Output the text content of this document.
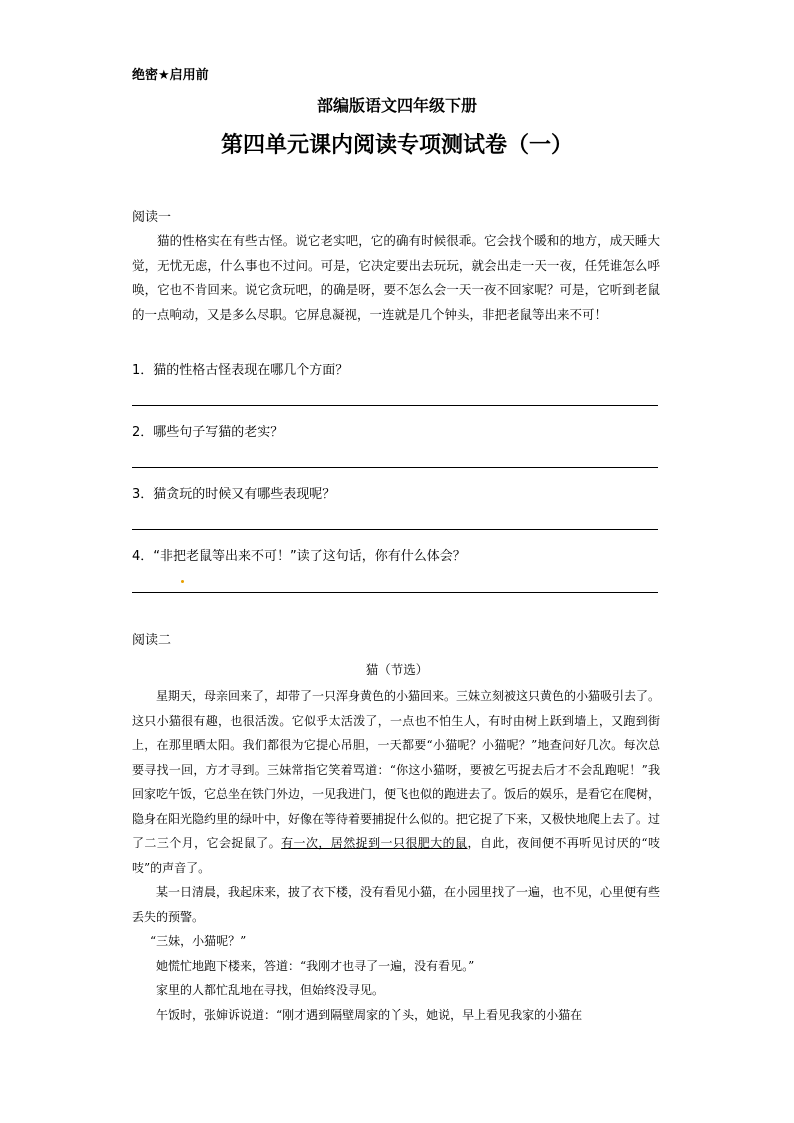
绝密★启用前
部编版语文四年级下册
第四单元课内阅读专项测试卷（一）
阅读一

猫的性格实在有些古怪。说它老实吧，它的确有时候很乖。它会找个暖和的地方，成天睡大觉，无忧无虑，什么事也不过问。可是，它决定要出去玩玩，就会出走一天一夜，任凭谁怎么呼唤，它也不肯回来。说它贪玩吧，的确是呀，要不怎么会一天一夜不回家呢？可是，它听到老鼠的一点响动，又是多么尽职。它屏息凝视，一连就是几个钟头，非把老鼠等出来不可！

1．猫的性格古怪表现在哪几个方面？
2．哪些句子写猫的老实？
3．猫贪玩的时候又有哪些表现呢？
4．“非把老鼠等出来不可！”读了这句话，你有什么体会？
阅读二
猫（节选）

星期天，母亲回来了，却带了一只浑身黄色的小猫回来。三妹立刻被这只黄色的小猫吸引去了。这只小猫很有趣，也很活泼。它似乎太活泼了，一点也不怕生人，有时由树上跃到墙上，又跑到街上，在那里晒太阳。我们都很为它提心吊胆，一天都要“小猫呢？小猫呢？”地查问好几次。每次总要寻找一回，方才寻到。三妹常指它笑着骂道：“你这小猫呀，要被乞丐捉去后才不会乱跑呢！”我回家吃午饭，它总坐在铁门外边，一见我进门，便飞也似的跑进去了。饭后的娱乐，是看它在爬树，隐身在阳光隐约里的绿叶中，好像在等待着要捕捉什么似的。把它捉了下来，又极快地爬上去了。过了二三个月，它会捉鼠了。有一次，居然捉到一只很肥大的鼠，自此，夜间便不再听见讨厌的“吱吱”的声音了。

某一日清晨，我起床来，披了衣下楼，没有看见小猫，在小园里找了一遍，也不见，心里便有些丢失的预警。

“三妹，小猫呢？”

她慌忙地跑下楼来，答道：“我刚才也寻了一遍，没有看见。”

家里的人都忙乱地在寻找，但始终没寻见。

午饭时，张婶诉说道：“刚才遇到隔壁周家的丫头，她说，早上看见我家的小猫在
